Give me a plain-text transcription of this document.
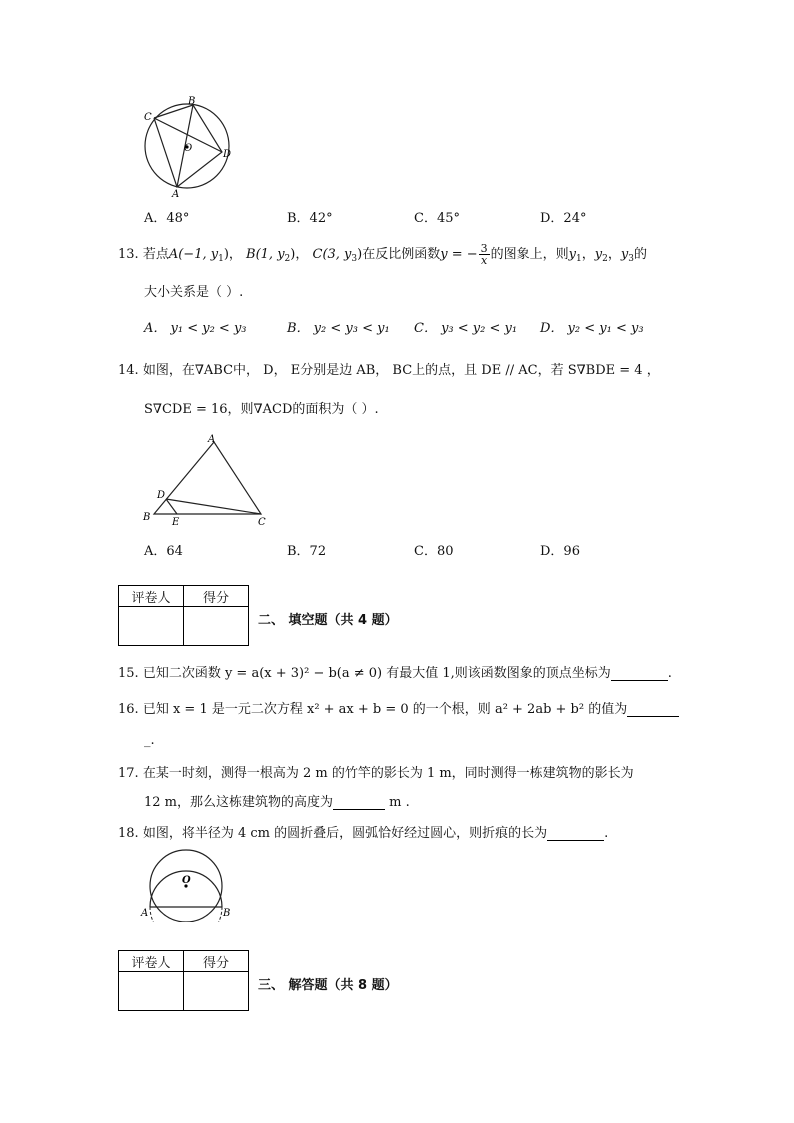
C
B
O
D
A
A．48°	B．42°	C．45°	D．24°
13. 若点A(−1, $y_1$)， B(1, $y_2$)， C(3, $y_3$)在反比例函数y = − $\frac{3}{x}$ 的图象上，则$y_1$，$y_2$，$y_3$的
大小关系是（ ）.
A． y₁ < y₂ < y₃	B． y₂ < y₃ < y₁ C． y₃ < y₂ < y₁ D． y₂ < y₁ < y₃
14. 如图，在∇ABC中， D， E分别是边 AB， BC上的点，且 DE // AC，若 S∇BDE = 4 ，
S∇CDE = 16，则∇ACD的面积为（ ）.
A
D
B E	C
A．64	B．72	C．80	D．96
评卷人	得分

二、 填空题（共 4 题）
15. 已知二次函数 y = a(x + 3)² − b(a ≠ 0) 有最大值 1,则该函数图象的顶点坐标为	.
16. 已知 x = 1 是一元二次方程 x² + ax + b = 0 的一个根，则 a² + 2ab + b² 的值为
_.
17. 在某一时刻，测得一根高为 2 m 的竹竿的影长为 1 m，同时测得一栋建筑物的影长为
12 m，那么这栋建筑物的高度为	m .
18. 如图，将半径为 4 cm 的圆折叠后，圆弧恰好经过圆心，则折痕的长为	.
O
A	B
评卷人	得分

三、 解答题（共 8 题）
